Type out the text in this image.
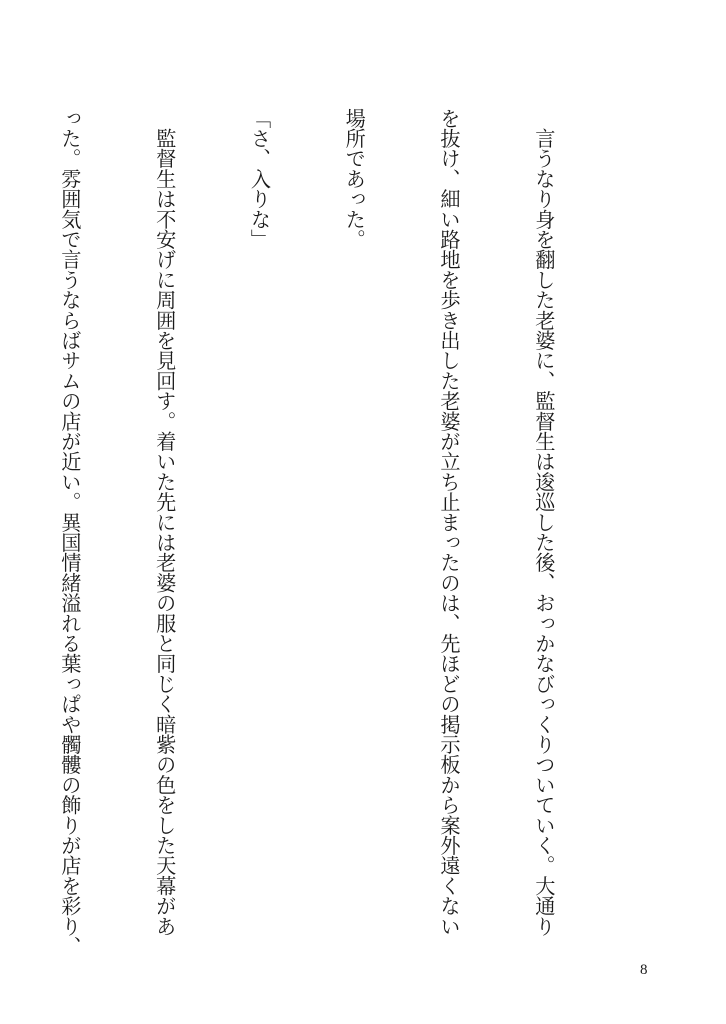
　言うなり身を翻した老婆に、監督生は逡巡した後、おっかなびっくりついていく。大通り

を抜け、細い路地を歩き出した老婆が立ち止まったのは、先ほどの掲示板から案外遠くない

場所であった。

「さ、入りな」

　監督生は不安げに周囲を見回す。着いた先には老婆の服と同じく暗紫の色をした天幕があ

った。雰囲気で言うならばサムの店が近い。異国情緒溢れる葉っぱや髑髏の飾りが店を彩り、

8
